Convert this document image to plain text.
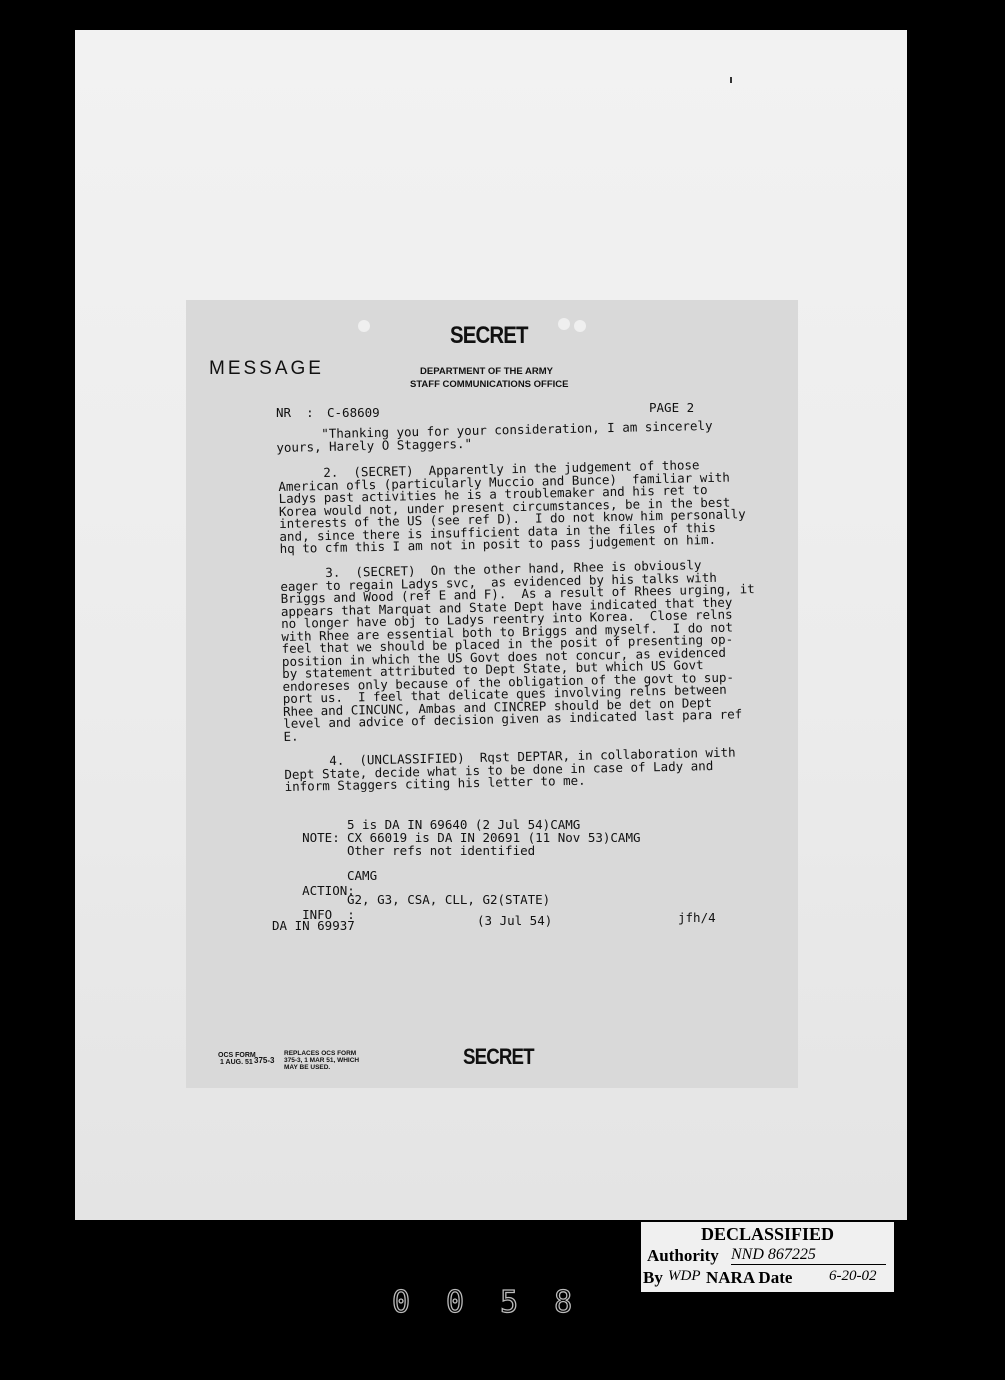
SECRET
MESSAGE	DEPARTMENT OF THE ARMY
STAFF COMMUNICATIONS OFFICE
NR  : C-68609	PAGE 2
"Thanking you for your consideration, I am sincerely
yours, Harely O Staggers."
2.  (SECRET)  Apparently in the judgement of those
American ofls (particularly Muccio and Bunce)  familiar with
Ladys past activities he is a troublemaker and his ret to
Korea would not, under present circumstances, be in the best
interests of the US (see ref D).  I do not know him personally
and, since there is insufficient data in the files of this
hq to cfm this I am not in posit to pass judgement on him.
3.  (SECRET)  On the other hand, Rhee is obviously
eager to regain Ladys svc,  as evidenced by his talks with
Briggs and Wood (ref E and F).  As a result of Rhees urging, it
appears that Marquat and State Dept have indicated that they
no longer have obj to Ladys reentry into Korea.  Close relns
with Rhee are essential both to Briggs and myself.  I do not
feel that we should be placed in the posit of presenting op-
position in which the US Govt does not concur, as evidenced
by statement attributed to Dept State, but which US Govt
endoreses only because of the obligation of the govt to sup-
port us.  I feel that delicate ques involving relns between
Rhee and CINCUNC, Ambas and CINCREP should be det on Dept
level and advice of decision given as indicated last para ref
E.
4.  (UNCLASSIFIED)  Rqst DEPTAR, in collaboration with
Dept State, decide what is to be done in case of Lady and
inform Staggers citing his letter to me.

NOTE:

5 is DA IN 69640 (2 Jul 54)CAMG
CX 66019 is DA IN 20691 (11 Nov 53)CAMG
Other refs not identified

ACTION:

CAMG

INFO  :

G2, G3, CSA, CLL, G2(STATE)

DA IN 69937	(3 Jul 54)	jfh/4
OCS FORM
1 AUG. 51 375-3
REPLACES OCS FORM
375-3, 1 MAR 51, WHICH
MAY BE USED.	SECRET
0058
DECLASSIFIED
Authority NND 867225
By WDP NARA Date 6-20-02
